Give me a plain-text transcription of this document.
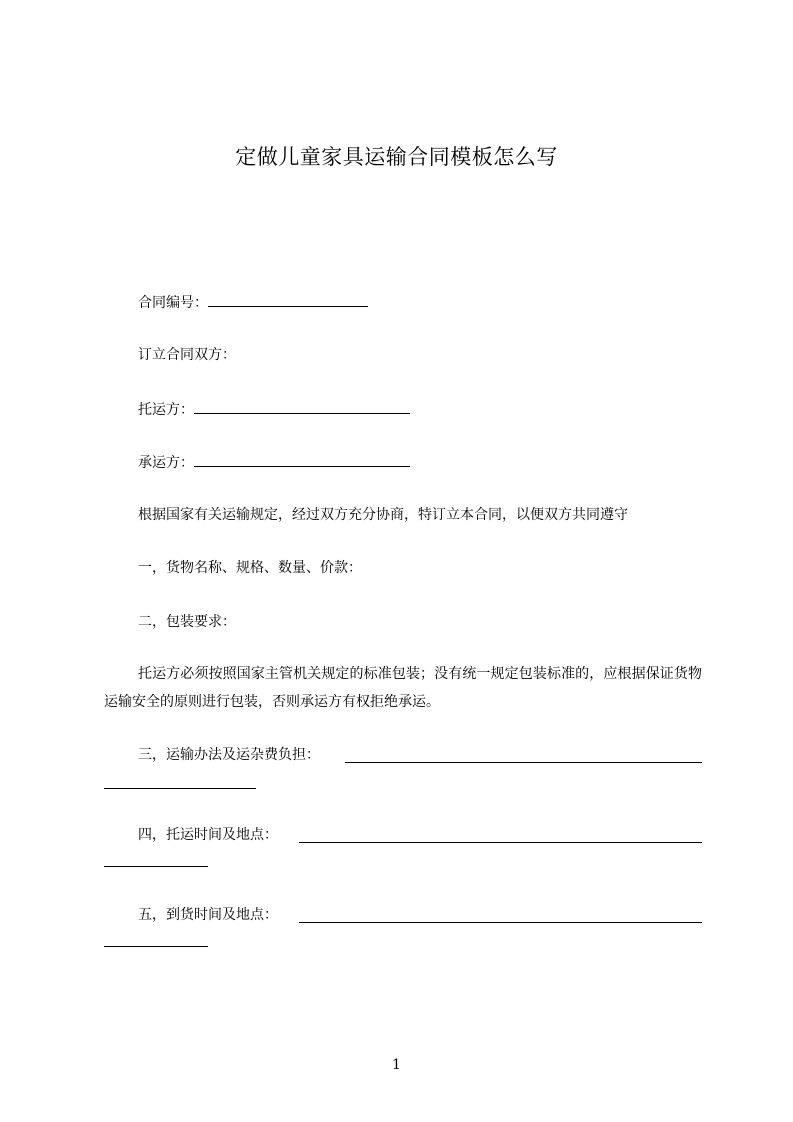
定做儿童家具运输合同模板怎么写
合同编号：
订立合同双方：
托运方：
承运方：
根据国家有关运输规定，经过双方充分协商，特订立本合同，以便双方共同遵守
一，货物名称、规格、数量、价款：
二，包装要求：
托运方必须按照国家主管机关规定的标准包装；没有统一规定包装标准的，应根据保证货物运输安全的原则进行包装，否则承运方有权拒绝承运。
三，运输办法及运杂费负担：
四，托运时间及地点：
五，到货时间及地点：
1
